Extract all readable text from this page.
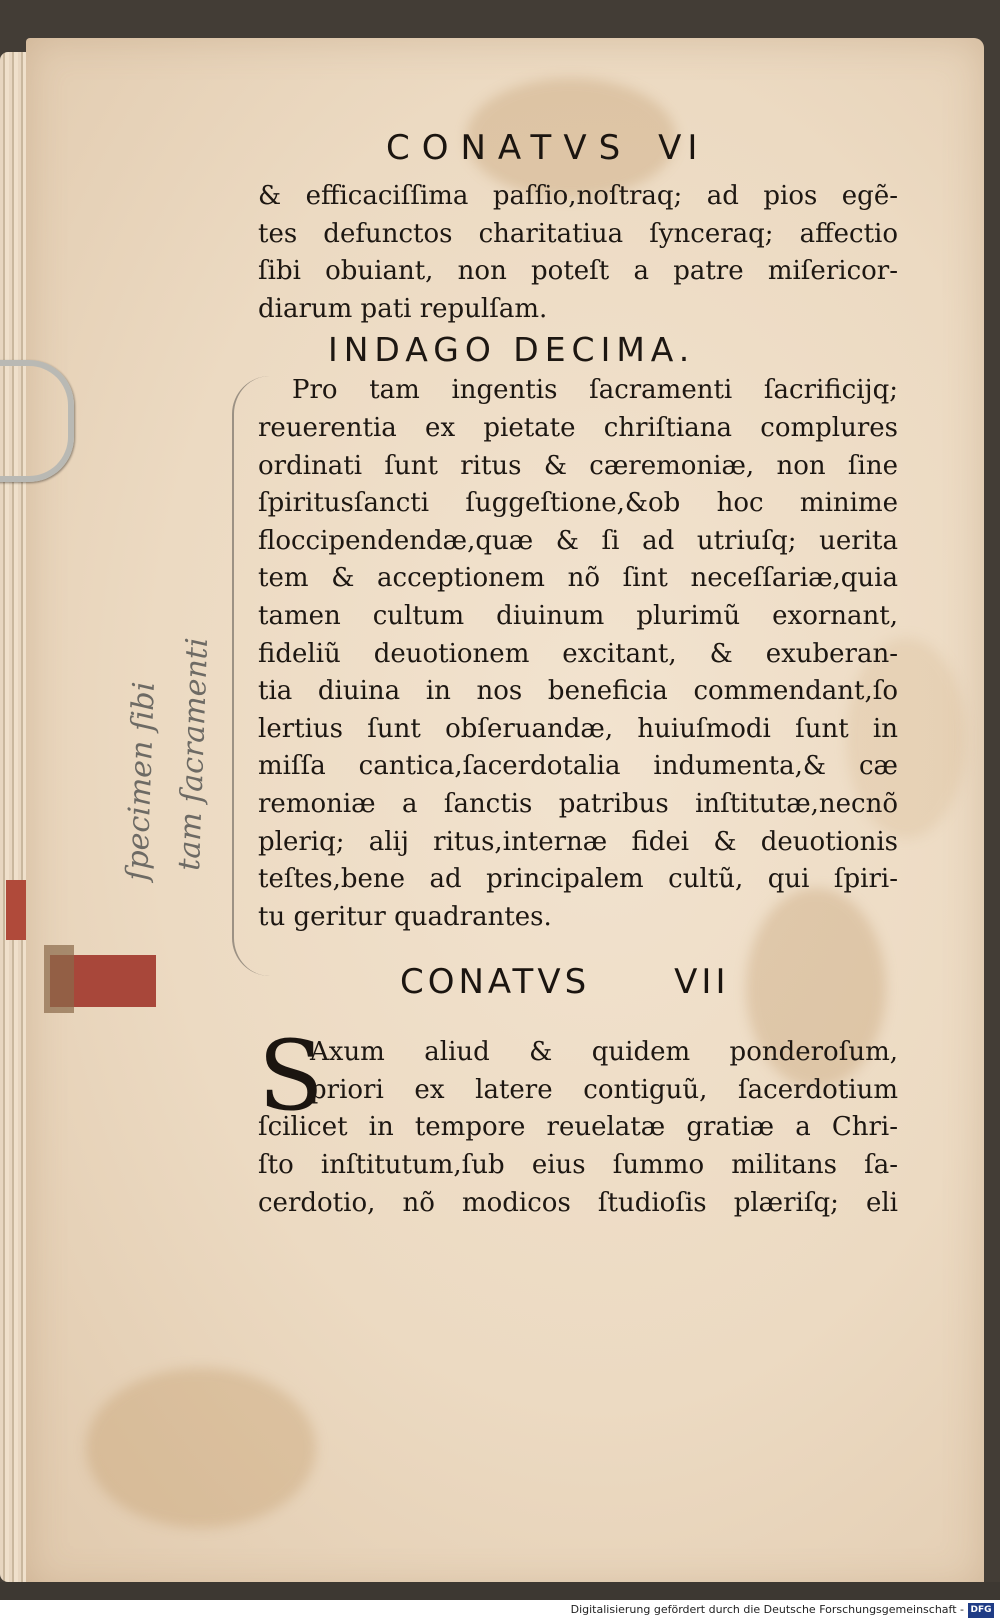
ſpecimen ſibi tam ſacramenti
CONATVS VI
& efficaciſſima paſſio,noſtraq; ad pios egẽ-
tes defunctos charitatiua ſynceraq; affectio
ſibi obuiant, non poteſt a patre miſericor-
diarum pati repulſam.
INDAGO DECIMA.
Pro tam ingentis ſacramenti ſacrificijq;
reuerentia ex pietate chriſtiana complures
ordinati ſunt ritus & cæremoniæ, non ſine
ſpiritusſancti ſuggeſtione,&ob hoc minime
floccipendendæ,quæ & ſi ad utriuſq; uerita
tem & acceptionem nõ ſint neceſſariæ,quia
tamen cultum diuinum plurimũ exornant,
fideliũ deuotionem excitant, & exuberan-
tia diuina in nos beneficia commendant,ſo
lertius ſunt obſeruandæ, huiuſmodi ſunt in
miſſa cantica,ſacerdotalia indumenta,& cæ
remoniæ a ſanctis patribus inſtitutæ,necnõ
pleriq; alij ritus,internæ fidei & deuotionis
teſtes,bene ad principalem cultũ, qui ſpiri-
tu geritur quadrantes.
CONATVS VII
S
Axum aliud & quidem ponderoſum,
priori ex latere contiguũ, ſacerdotium
ſcilicet in tempore reuelatæ gratiæ a Chri-
ſto inſtitutum,ſub eius ſummo militans ſa-
cerdotio, nõ modicos ſtudioſis plæriſq; eli
Digitalisierung gefördert durch die Deutsche Forschungsgemeinschaft - DFG
